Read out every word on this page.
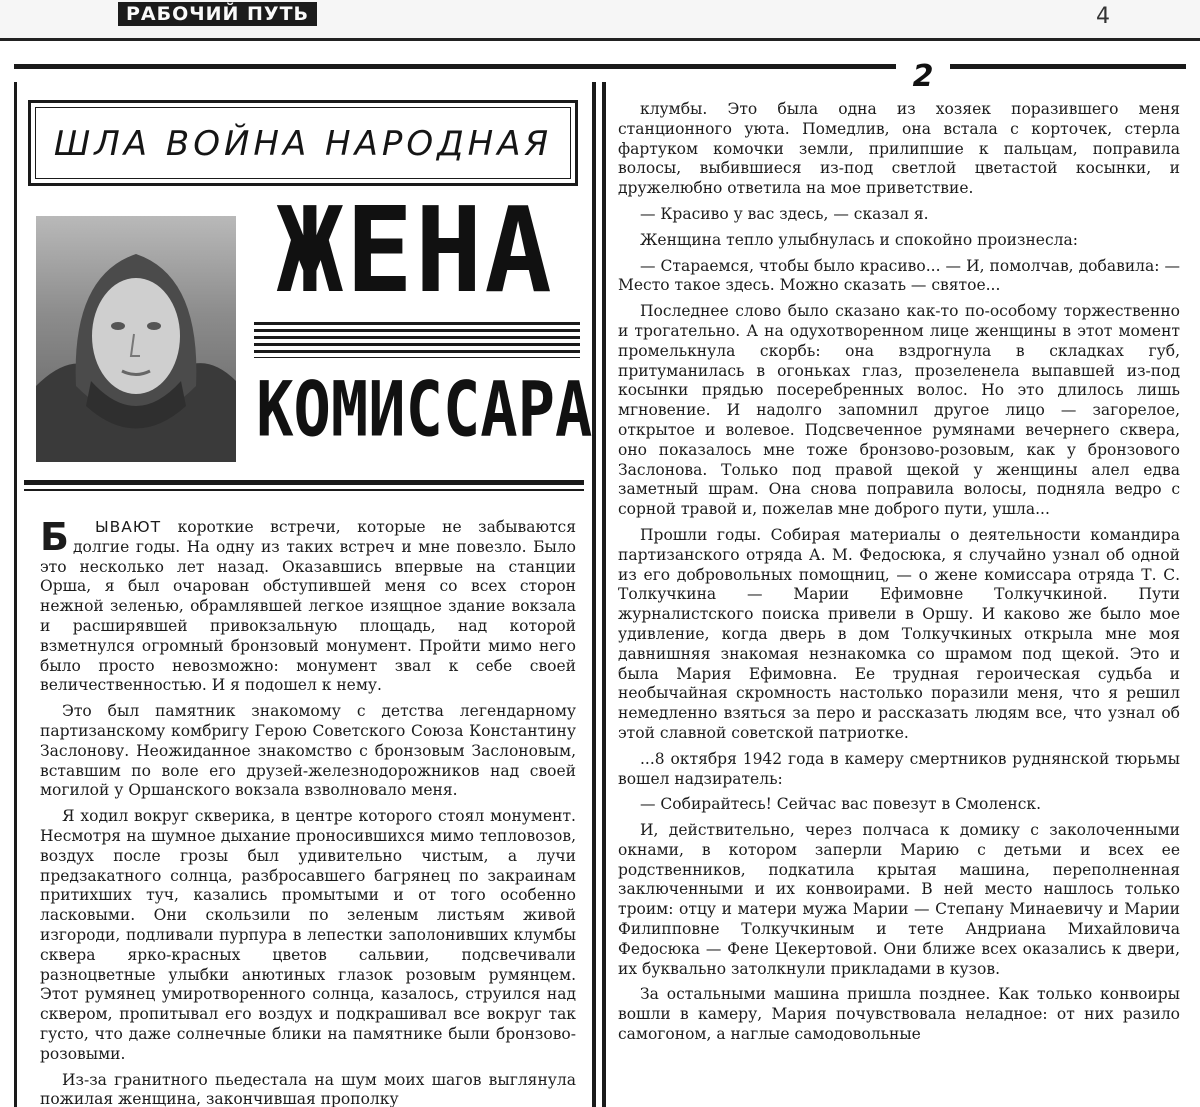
РАБОЧИЙ ПУТЬ	4
2
ШЛА ВОЙНА НАРОДНАЯ
ЖЕНА
КОМИССАРА

Б ЫВАЮТ короткие встречи, которые не забываются долгие годы. На одну из таких встреч и мне повезло. Было это несколько лет назад. Оказавшись впервые на станции Орша, я был очарован обступившей меня со всех сторон нежной зеленью, обрамлявшей легкое изящное здание вокзала и расширявшей привокзальную площадь, над которой взметнулся огромный бронзовый монумент. Пройти мимо него было просто невозможно: монумент звал к себе своей величественностью. И я подошел к нему.

Это был памятник знакомому с детства легендарному партизанскому комбригу Герою Советского Союза Константину Заслонову. Неожиданное знакомство с бронзовым Заслоновым, вставшим по воле его друзей-железнодорожников над своей могилой у Оршанского вокзала взволновало меня.

Я ходил вокруг скверика, в центре которого стоял монумент. Несмотря на шумное дыхание проносившихся мимо тепловозов, воздух после грозы был удивительно чистым, а лучи предзакатного солнца, разбросавшего багрянец по закраинам притихших туч, казались промытыми и от того особенно ласковыми. Они скользили по зеленым листьям живой изгороди, подливали пурпура в лепестки заполонивших клумбы сквера ярко-красных цветов сальвии, подсвечивали разноцветные улыбки анютиных глазок розовым румянцем. Этот румянец умиротворенного солнца, казалось, струился над сквером, пропитывал его воздух и подкрашивал все вокруг так густо, что даже солнечные блики на памятнике были бронзово-розовыми.

Из-за гранитного пьедестала на шум моих шагов выглянула пожилая женщина, закончившая прополку

клумбы. Это была одна из хозяек поразившего меня станционного уюта. Помедлив, она встала с корточек, стерла фартуком комочки земли, прилипшие к пальцам, поправила волосы, выбившиеся из-под светлой цветастой косынки, и дружелюбно ответила на мое приветствие.

— Красиво у вас здесь, — сказал я.

Женщина тепло улыбнулась и спокойно произнесла:

— Стараемся, чтобы было красиво... — И, помолчав, добавила: — Место такое здесь. Можно сказать — святое...

Последнее слово было сказано как-то по-особому торжественно и трогательно. А на одухотворенном лице женщины в этот момент промелькнула скорбь: она вздрогнула в складках губ, притуманилась в огоньках глаз, прозеленела выпавшей из-под косынки прядью посеребренных волос. Но это длилось лишь мгновение. И надолго запомнил другое лицо — загорелое, открытое и волевое. Подсвеченное румянами вечернего сквера, оно показалось мне тоже бронзово-розовым, как у бронзового Заслонова. Только под правой щекой у женщины алел едва заметный шрам. Она снова поправила волосы, подняла ведро с сорной травой и, пожелав мне доброго пути, ушла...

Прошли годы. Собирая материалы о деятельности командира партизанского отряда А. М. Федосюка, я случайно узнал об одной из его добровольных помощниц, — о жене комиссара отряда Т. С. Толкучкина — Марии Ефимовне Толкучкиной. Пути журналистского поиска привели в Оршу. И каково же было мое удивление, когда дверь в дом Толкучкиных открыла мне моя давнишняя знакомая незнакомка со шрамом под щекой. Это и была Мария Ефимовна. Ее трудная героическая судьба и необычайная скромность настолько поразили меня, что я решил немедленно взяться за перо и рассказать людям все, что узнал об этой славной советской патриотке.

...8 октября 1942 года в камеру смертников руднянской тюрьмы вошел надзиратель:

— Собирайтесь! Сейчас вас повезут в Смоленск.

И, действительно, через полчаса к домику с заколоченными окнами, в котором заперли Марию с детьми и всех ее родственников, подкатила крытая машина, переполненная заключенными и их конвоирами. В ней место нашлось только троим: отцу и матери мужа Марии — Степану Минаевичу и Марии Филипповне Толкучкиным и тете Андриана Михайловича Федосюка — Фене Цекертовой. Они ближе всех оказались к двери, их буквально затолкнули прикладами в кузов.

За остальными машина пришла позднее. Как только конвоиры вошли в камеру, Мария почувствовала неладное: от них разило самогоном, а наглые самодовольные
